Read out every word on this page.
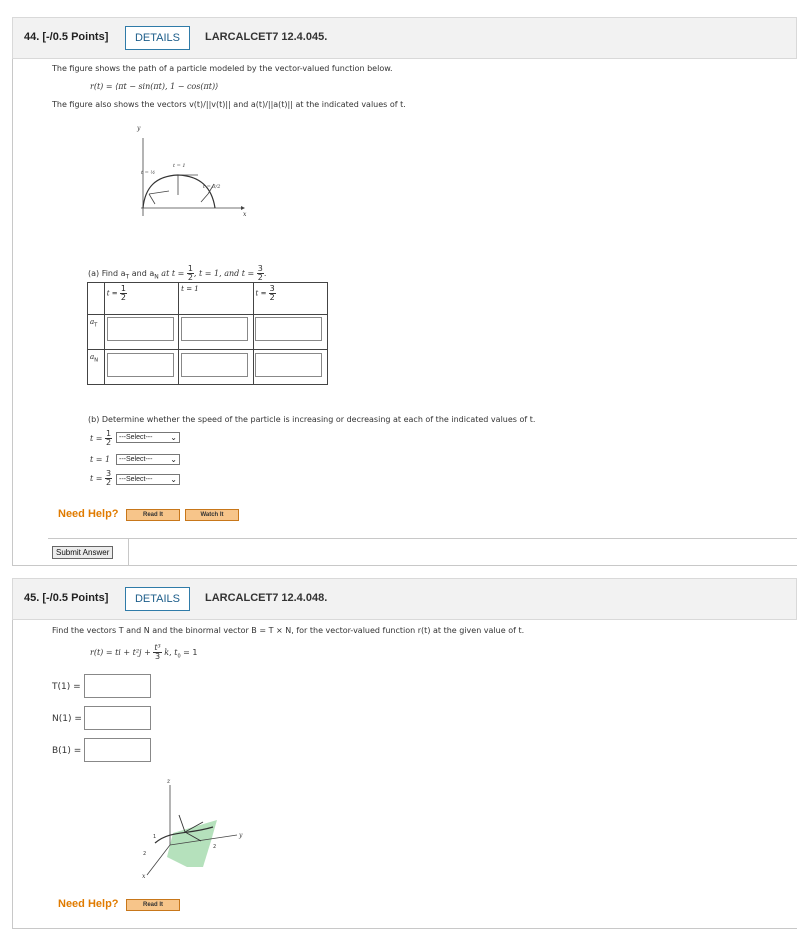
44. [-/0.5 Points]	DETAILS	LARCALCET7 12.4.045.
The figure shows the path of a particle modeled by the vector-valued function below.
r(t) = ⟨πt − sin(πt), 1 − cos(πt)⟩
The figure also shows the vectors v(t)/||v(t)|| and a(t)/||a(t)|| at the indicated values of t.
y
x
t = ½
t = 1
t = 3/2
(a) Find $a_T$ and $a_N$ at $t = \frac{1}{2}$ , t = 1, and $t = \frac{3}{2}$ .
	$t = \frac{1}{2}$	t = 1	$t = \frac{3}{2}$

$a_T$			
$a_N$			
(b) Determine whether the speed of the particle is increasing or decreasing at each of the indicated values of t.
$t = \frac{1}{2}$ ---Select--- ⌄
t = 1	---Select--- ⌄
$t = \frac{3}{2}$ ---Select--- ⌄
Need Help?	Read It	Watch It
Submit Answer
45. [-/0.5 Points]	DETAILS	LARCALCET7 12.4.048.
Find the vectors T and N and the binormal vector B = T × N, for the vector-valued function r(t) at the given value of t.
r(t) = ti + $t^2j + \frac{\text{t³}}{3} k$, $t_0 = 1$
T(1) =
N(1) =
B(1) =
z
y
x
1
2
2
Need Help?	Read It
